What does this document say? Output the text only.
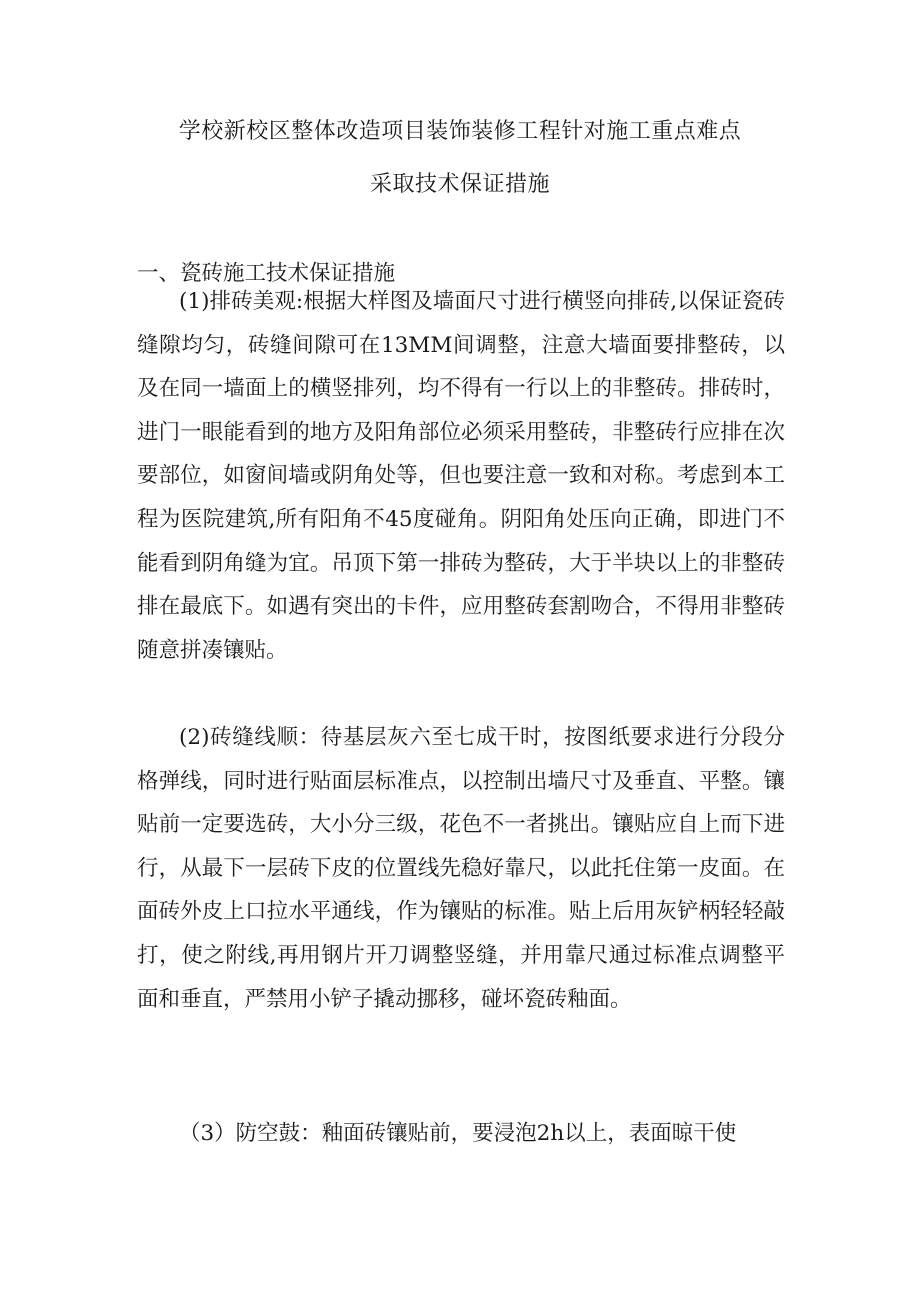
学校新校区整体改造项目装饰装修工程针对施工重点难点
采取技术保证措施
一、瓷砖施工技术保证措施

(1)排砖美观:根据大样图及墙面尺寸进行横竖向排砖,以保证瓷砖缝隙均匀，砖缝间隙可在13MM间调整，注意大墙面要排整砖，以及在同一墙面上的横竖排列，均不得有一行以上的非整砖。排砖时，进门一眼能看到的地方及阳角部位必须采用整砖，非整砖行应排在次要部位，如窗间墙或阴角处等，但也要注意一致和对称。考虑到本工程为医院建筑,所有阳角不45度碰角。阴阳角处压向正确，即进门不能看到阴角缝为宜。吊顶下第一排砖为整砖，大于半块以上的非整砖排在最底下。如遇有突出的卡件，应用整砖套割吻合，不得用非整砖随意拼凑镶贴。

(2)砖缝线顺：待基层灰六至七成干时，按图纸要求进行分段分格弹线，同时进行贴面层标准点，以控制出墙尺寸及垂直、平整。镶贴前一定要选砖，大小分三级，花色不一者挑出。镶贴应自上而下进行，从最下一层砖下皮的位置线先稳好靠尺，以此托住第一皮面。在面砖外皮上口拉水平通线，作为镶贴的标准。贴上后用灰铲柄轻轻敲打，使之附线,再用钢片开刀调整竖缝，并用靠尺通过标准点调整平面和垂直，严禁用小铲子撬动挪移，碰坏瓷砖釉面。

（3）防空鼓：釉面砖镶贴前，要浸泡2h以上，表面晾干使
